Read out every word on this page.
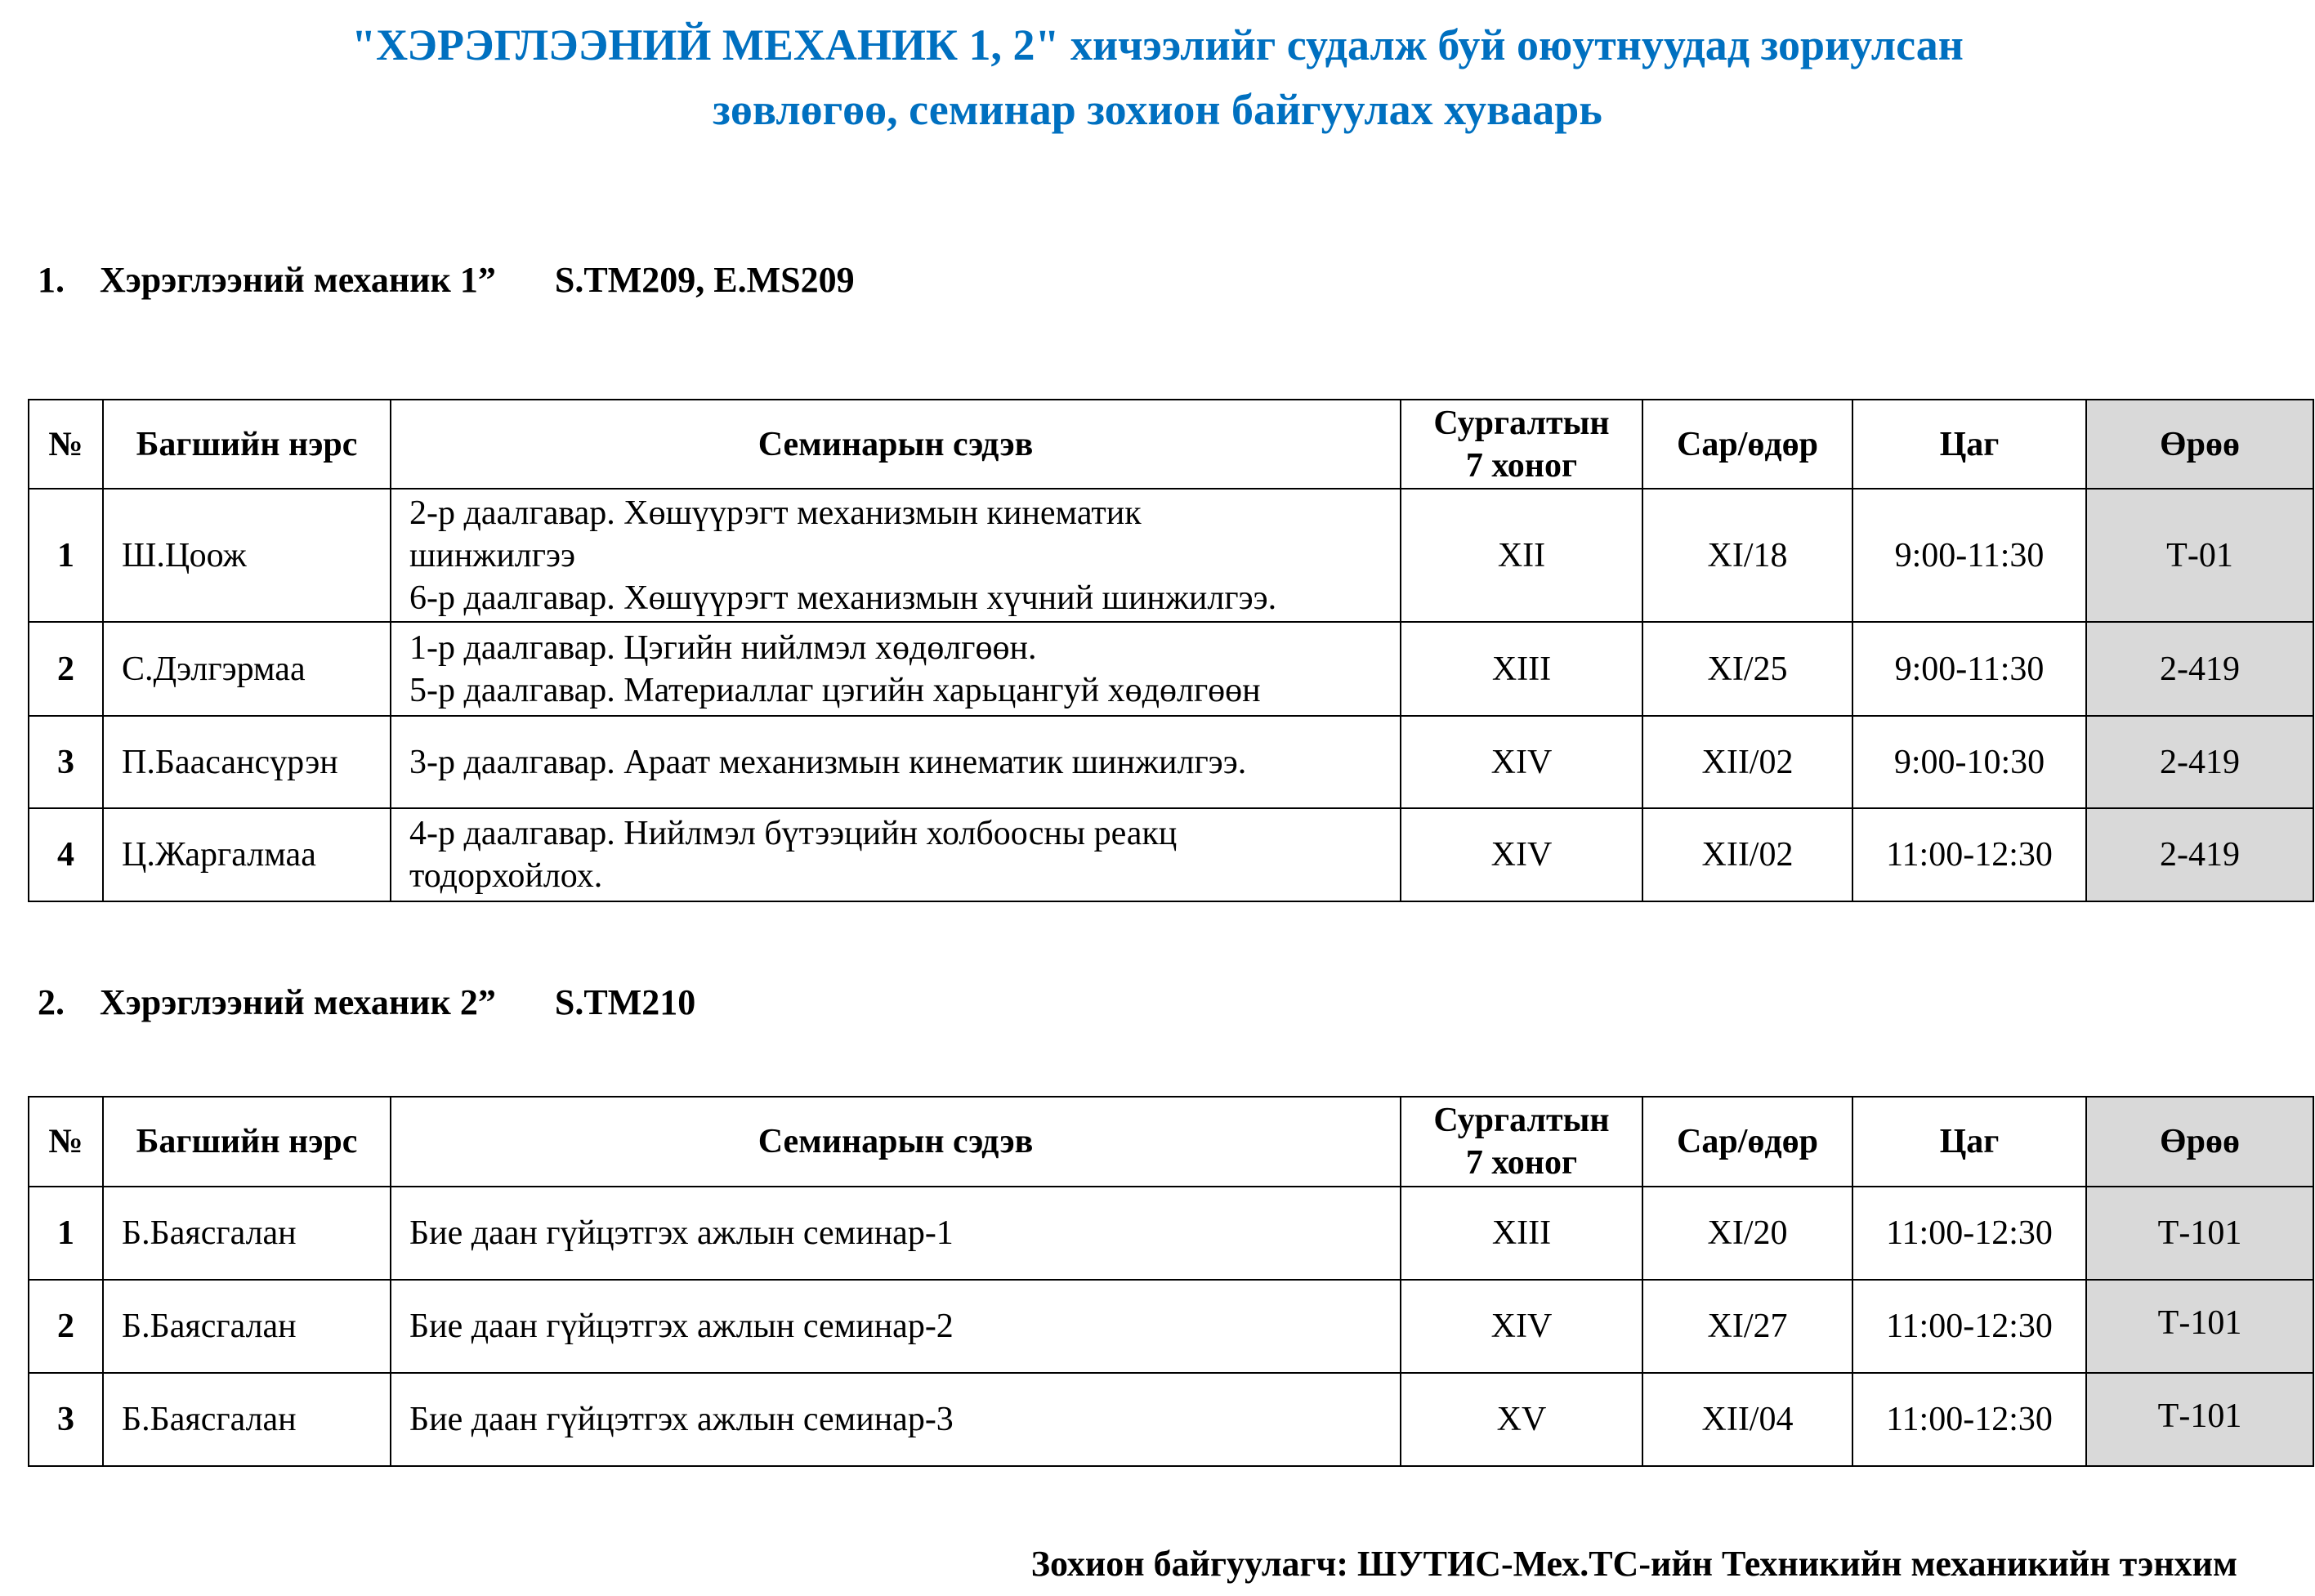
"ХЭРЭГЛЭЭНИЙ МЕХАНИК 1, 2" хичээлийг судалж буй оюутнуудад зориулсан
зөвлөгөө, семинар зохион байгуулах хуваарь
1. Хэрэглээний механик 1” S.TM209, E.MS209
№	Багшийн нэрс	Семинарын сэдэв	Сургалтын
7 хоног	Сар/өдөр	Цаг	Өрөө
1	Ш.Цоож	2-р даалгавар. Хөшүүрэгт механизмын кинематик
шинжилгээ
6-р даалгавар. Хөшүүрэгт механизмын хүчний шинжилгээ.	XII	XI/18	9:00-11:30	Т-01
2	С.Дэлгэрмаа	1-р даалгавар. Цэгийн нийлмэл хөдөлгөөн.
5-р даалгавар. Материаллаг цэгийн харьцангуй хөдөлгөөн	XIII	XI/25	9:00-11:30	2-419
3	П.Баасансүрэн	3-р даалгавар. Араат механизмын кинематик шинжилгээ.	XIV	XII/02	9:00-10:30	2-419
4	Ц.Жаргалмаа	4-р даалгавар. Нийлмэл бүтээцийн холбоосны реакц
тодорхойлох.	XIV	XII/02	11:00-12:30	2-419
2. Хэрэглээний механик 2” S.TM210
№	Багшийн нэрс	Семинарын сэдэв	Сургалтын
7 хоног	Сар/өдөр	Цаг	Өрөө
1	Б.Баясгалан	Бие даан гүйцэтгэх ажлын семинар-1	XIII	XI/20	11:00-12:30	Т-101
2	Б.Баясгалан	Бие даан гүйцэтгэх ажлын семинар-2	XIV	XI/27	11:00-12:30	Т-101
3	Б.Баясгалан	Бие даан гүйцэтгэх ажлын семинар-3	XV	XII/04	11:00-12:30	Т-101
Зохион байгуулагч: ШУТИС-Мех.ТС-ийн Техникийн механикийн тэнхим
